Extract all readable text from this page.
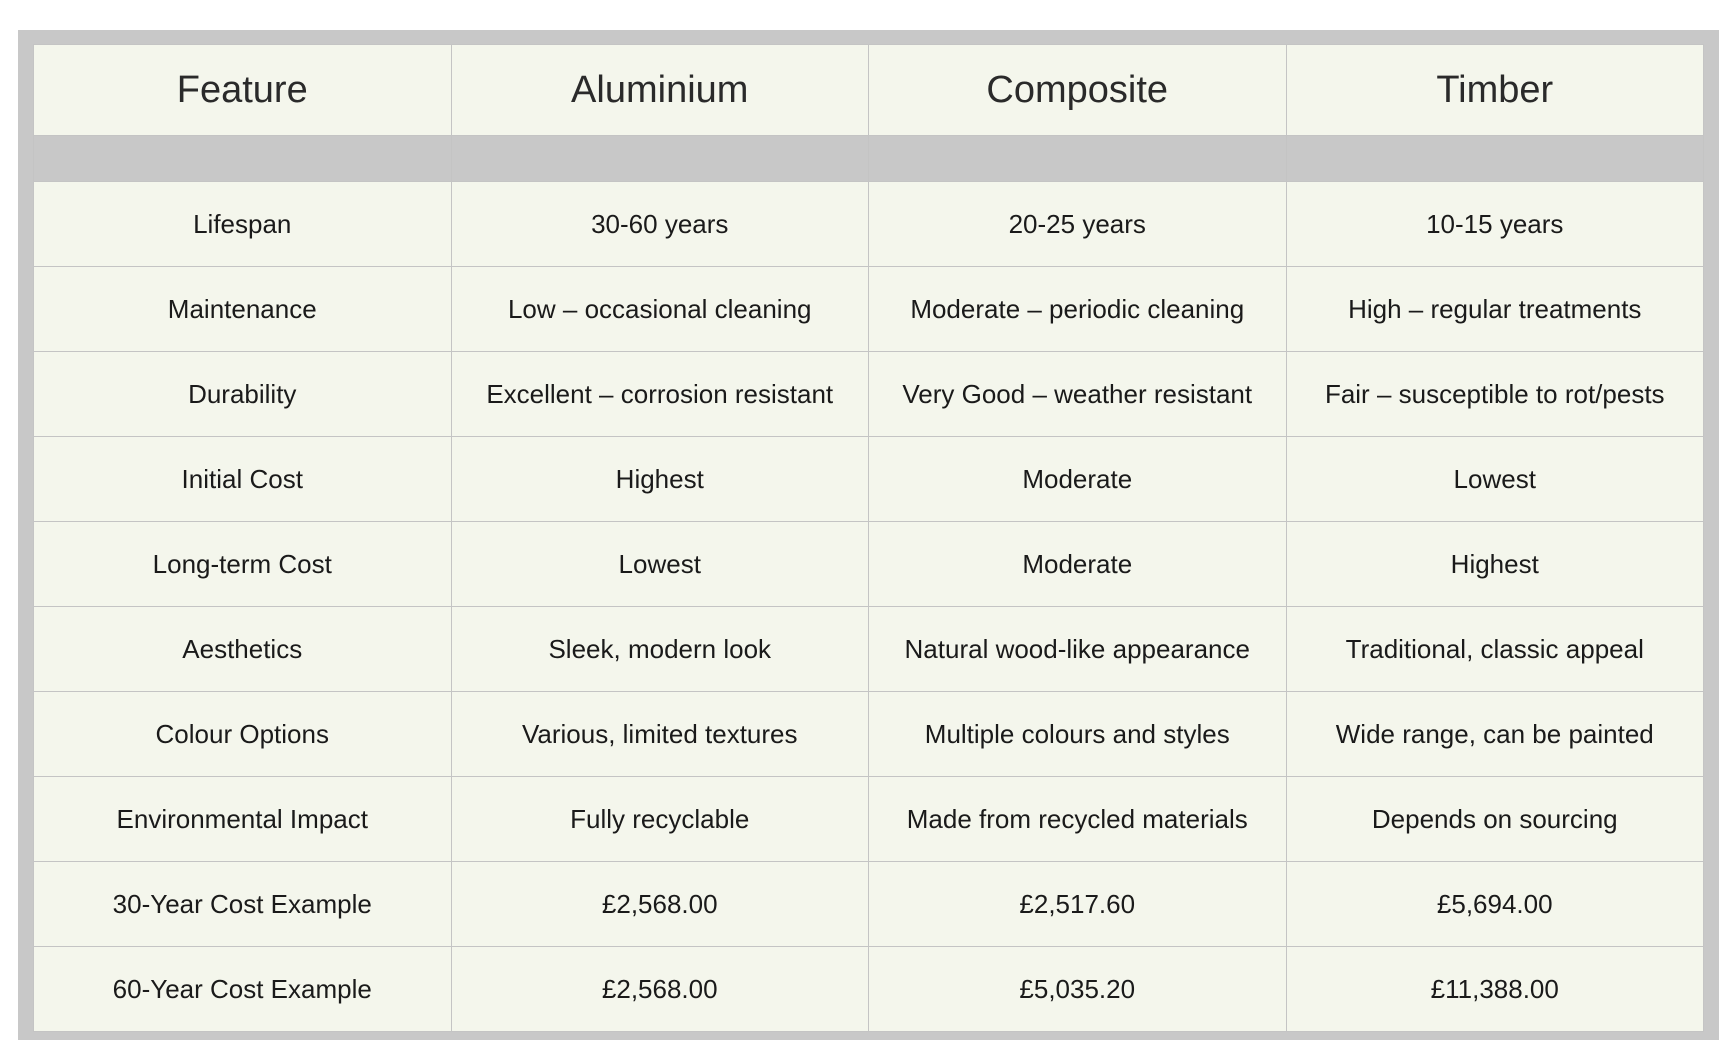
Feature	Aluminium	Composite	Timber

Lifespan	30-60 years	20-25 years	10-15 years
Maintenance	Low – occasional cleaning	Moderate – periodic cleaning	High – regular treatments
Durability	Excellent – corrosion resistant	Very Good – weather resistant	Fair – susceptible to rot/pests
Initial Cost	Highest	Moderate	Lowest
Long-term Cost	Lowest	Moderate	Highest
Aesthetics	Sleek, modern look	Natural wood-like appearance	Traditional, classic appeal
Colour Options	Various, limited textures	Multiple colours and styles	Wide range, can be painted
Environmental Impact	Fully recyclable	Made from recycled materials	Depends on sourcing
30-Year Cost Example	£2,568.00	£2,517.60	£5,694.00
60-Year Cost Example	£2,568.00	£5,035.20	£11,388.00
